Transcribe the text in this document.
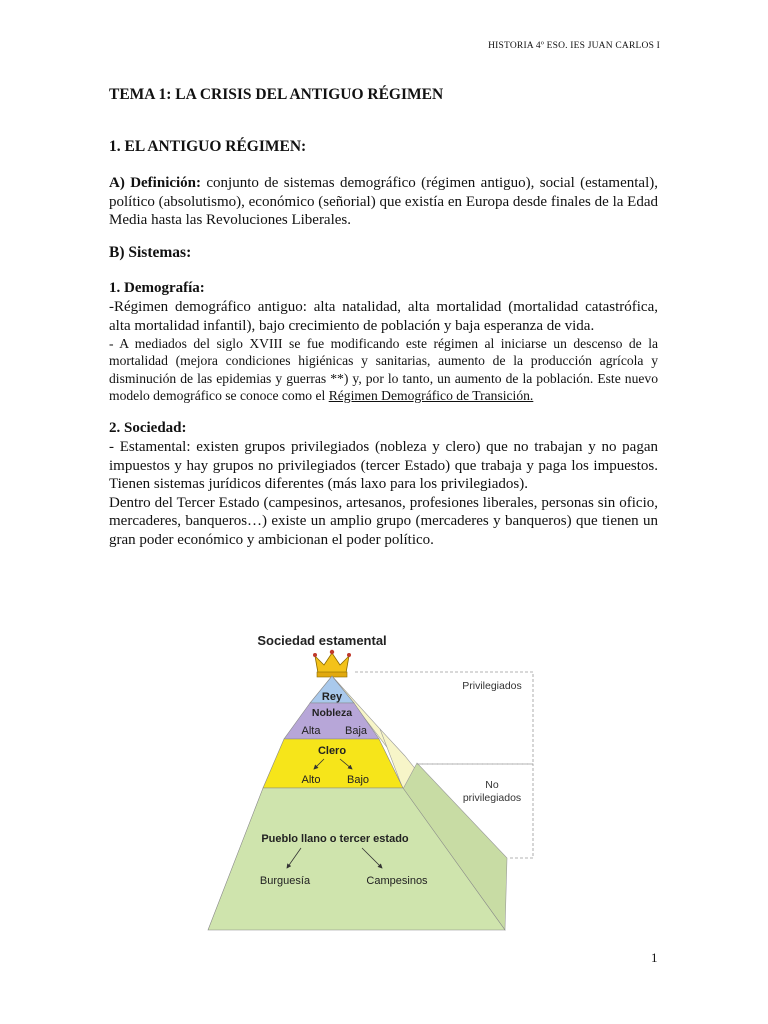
HISTORIA 4º ESO. IES JUAN CARLOS I
TEMA 1: LA CRISIS DEL ANTIGUO RÉGIMEN
1. EL ANTIGUO RÉGIMEN:

A) Definición: conjunto de sistemas demográfico (régimen antiguo), social (estamental), político (absolutismo), económico (señorial) que existía en Europa desde finales de la Edad Media hasta las Revoluciones Liberales.

B) Sistemas:

1. Demografía:

-Régimen demográfico antiguo: alta natalidad, alta mortalidad (mortalidad catastrófica, alta mortalidad infantil), bajo crecimiento de población y baja esperanza de vida.

- A mediados del siglo XVIII se fue modificando este régimen al iniciarse un descenso de la mortalidad (mejora condiciones higiénicas y sanitarias, aumento de la producción agrícola y disminución de las epidemias y guerras **) y, por lo tanto, un aumento de la población. Este nuevo modelo demográfico se conoce como el Régimen Demográfico de Transición.

2. Sociedad:

- Estamental: existen grupos privilegiados (nobleza y clero) que no trabajan y no pagan impuestos y hay grupos no privilegiados (tercer Estado) que trabaja y paga los impuestos. Tienen sistemas jurídicos diferentes (más laxo para los privilegiados).

Dentro del Tercer Estado (campesinos, artesanos, profesiones liberales, personas sin oficio, mercaderes, banqueros…) existe un amplio grupo (mercaderes y banqueros) que tienen un gran poder económico y ambicionan el poder político.

Sociedad estamental
Rey
Nobleza
Alta Baja
Clero
Alto Bajo
Pueblo llano o tercer estado
Burguesía	Campesinos
Privilegiados
No
privilegiados
1
